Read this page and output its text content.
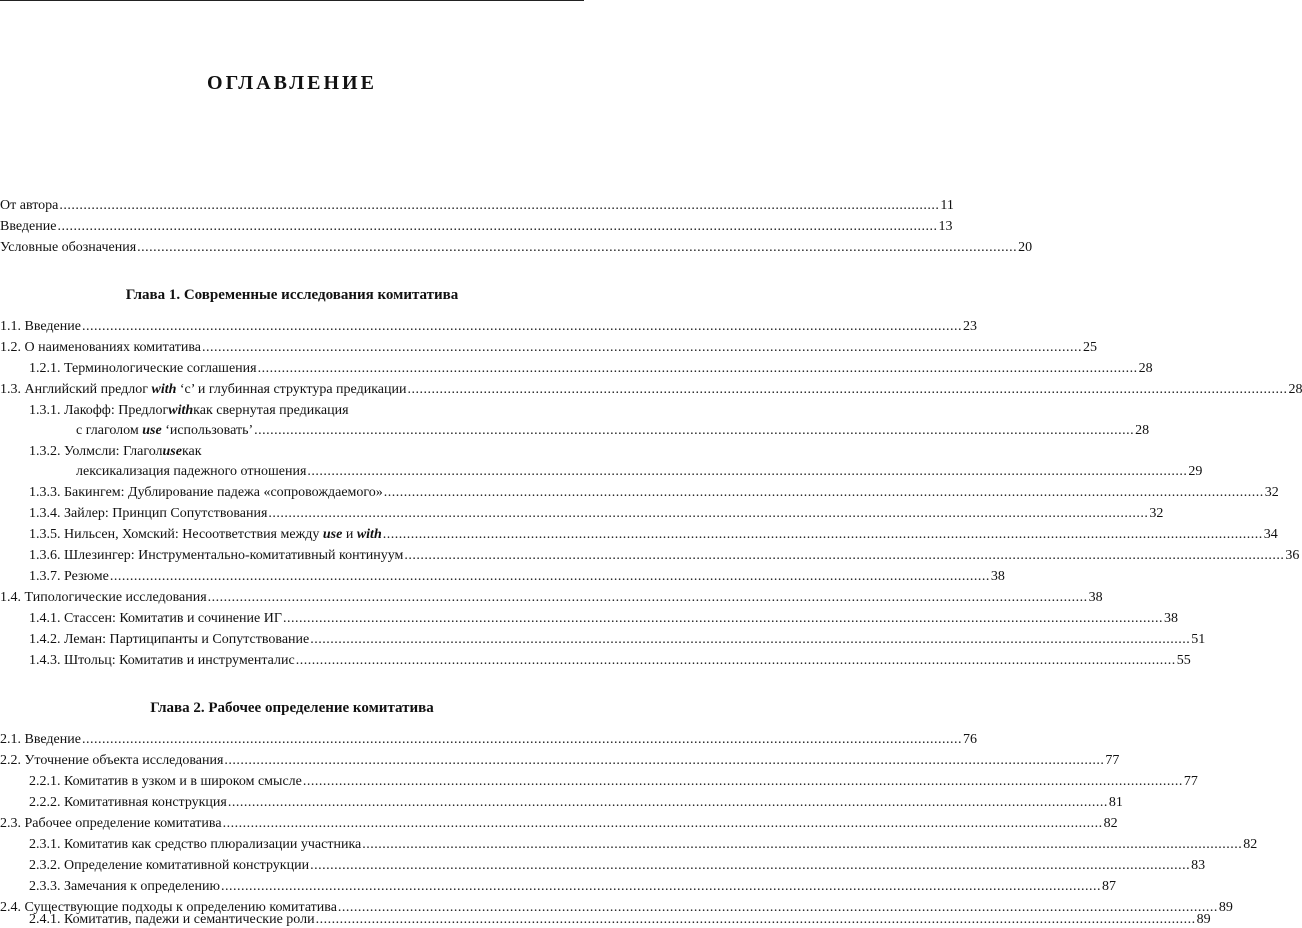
ОГЛАВЛЕНИЕ
От автора ............................................................................................................................................................................................................................ 11
Введение ............................................................................................................................................................................................................................ 13
Условные обозначения ............................................................................................................................................................................................................................ 20
Глава 1. Современные исследования комитатива
1.1. Введение ............................................................................................................................................................................................................................ 23
1.2. О наименованиях комитатива ............................................................................................................................................................................................................................ 25
1.2.1. Терминологические соглашения ............................................................................................................................................................................................................................ 28
1.3. Английский предлог with ‘с’ и глубинная структура предикации ............................................................................................................................................................................................................................ 28
1.3.1. Лакофф: Предлог with как свернутая предикация
с глаголом use ‘использовать’ ............................................................................................................................................................................................................................ 28
1.3.2. Уолмсли: Глагол use как
лексикализация падежного отношения ............................................................................................................................................................................................................................ 29
1.3.3. Бакингем: Дублирование падежа «сопровождаемого» ............................................................................................................................................................................................................................ 32
1.3.4. Зайлер: Принцип Сопутствования ............................................................................................................................................................................................................................ 32
1.3.5. Нильсен, Хомский: Несоответствия между use и with ............................................................................................................................................................................................................................ 34
1.3.6. Шлезингер: Инструментально-комитативный континуум ............................................................................................................................................................................................................................ 36
1.3.7. Резюме ............................................................................................................................................................................................................................ 38
1.4. Типологические исследования ............................................................................................................................................................................................................................ 38
1.4.1. Стассен: Комитатив и сочинение ИГ ............................................................................................................................................................................................................................ 38
1.4.2. Леман: Партиципанты и Сопутствование ............................................................................................................................................................................................................................ 51
1.4.3. Штольц: Комитатив и инструменталис ............................................................................................................................................................................................................................ 55
Глава 2. Рабочее определение комитатива
2.1. Введение ............................................................................................................................................................................................................................ 76
2.2. Уточнение объекта исследования ............................................................................................................................................................................................................................ 77
2.2.1. Комитатив в узком и в широком смысле ............................................................................................................................................................................................................................ 77
2.2.2. Комитативная конструкция ............................................................................................................................................................................................................................ 81
2.3. Рабочее определение комитатива ............................................................................................................................................................................................................................ 82
2.3.1. Комитатив как средство плюрализации участника ............................................................................................................................................................................................................................ 82
2.3.2. Определение комитативной конструкции ............................................................................................................................................................................................................................ 83
2.3.3. Замечания к определению ............................................................................................................................................................................................................................ 87
2.4. Существующие подходы к определению комитатива ............................................................................................................................................................................................................................ 89
2.4.1. Комитатив, падежи и семантические роли ............................................................................................................................................................................................................................ 89
